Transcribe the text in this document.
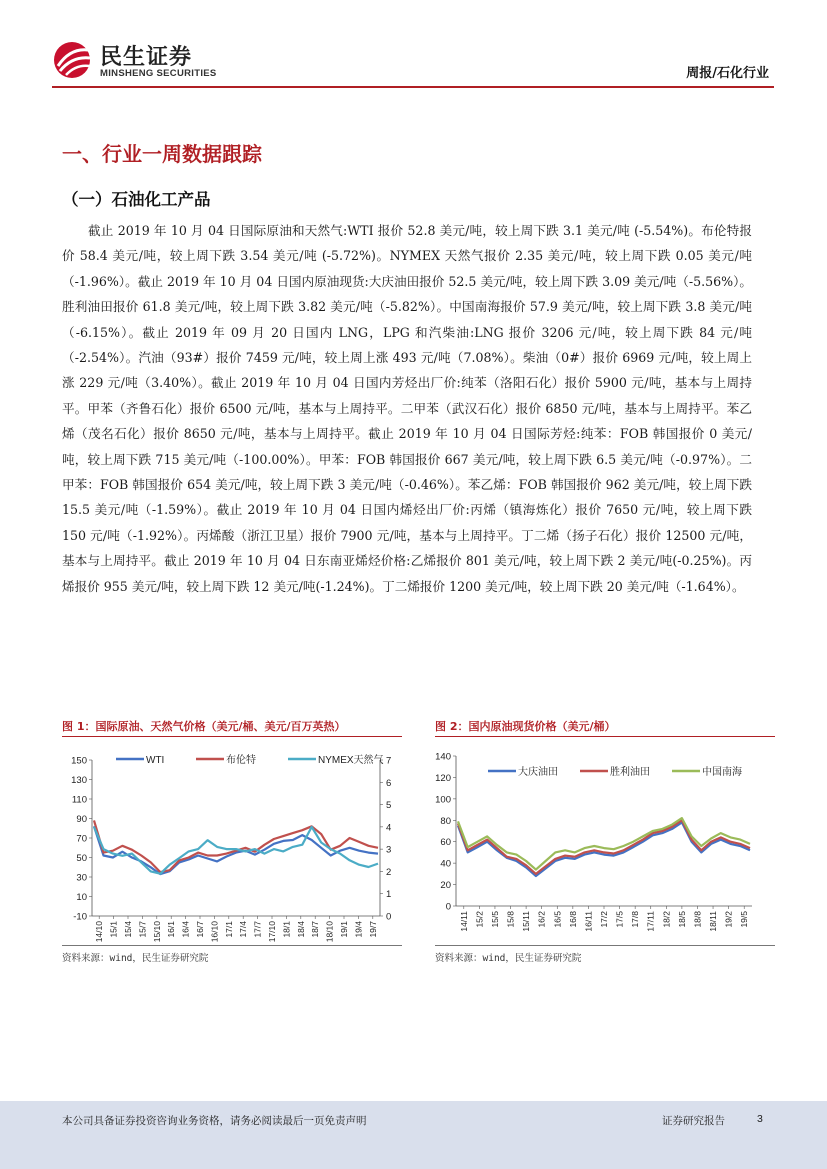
民生证券
MINSHENG SECURITIES	周报/石化行业
一、行业一周数据跟踪
（一）石油化工产品
截止 2019 年 10 月 04 日国际原油和天然气:WTI 报价 52.8 美元/吨，较上周下跌 3.1 美元/吨 (-5.54%)。布伦特报价 58.4 美元/吨，较上周下跌 3.54 美元/吨 (-5.72%)。NYMEX 天然气报价 2.35 美元/吨，较上周下跌 0.05 美元/吨（-1.96%）。截止 2019 年 10 月 04 日国内原油现货:大庆油田报价 52.5 美元/吨，较上周下跌 3.09 美元/吨（-5.56%）。胜利油田报价 61.8 美元/吨，较上周下跌 3.82 美元/吨（-5.82%）。中国南海报价 57.9 美元/吨，较上周下跌 3.8 美元/吨（-6.15%）。截止 2019 年 09 月 20 日国内 LNG，LPG 和汽柴油:LNG 报价 3206 元/吨，较上周下跌 84 元/吨（-2.54%）。汽油（93#）报价 7459 元/吨，较上周上涨 493 元/吨（7.08%）。柴油（0#）报价 6969 元/吨，较上周上涨 229 元/吨（3.40%）。截止 2019 年 10 月 04 日国内芳烃出厂价:纯苯（洛阳石化）报价 5900 元/吨，基本与上周持平。甲苯（齐鲁石化）报价 6500 元/吨，基本与上周持平。二甲苯（武汉石化）报价 6850 元/吨，基本与上周持平。苯乙烯（茂名石化）报价 8650 元/吨，基本与上周持平。截止 2019 年 10 月 04 日国际芳烃:纯苯：FOB 韩国报价 0 美元/吨，较上周下跌 715 美元/吨（-100.00%）。甲苯：FOB 韩国报价 667 美元/吨，较上周下跌 6.5 美元/吨（-0.97%）。二甲苯：FOB 韩国报价 654 美元/吨，较上周下跌 3 美元/吨（-0.46%）。苯乙烯：FOB 韩国报价 962 美元/吨，较上周下跌 15.5 美元/吨（-1.59%）。截止 2019 年 10 月 04 日国内烯烃出厂价:丙烯（镇海炼化）报价 7650 元/吨，较上周下跌 150 元/吨（-1.92%）。丙烯酸（浙江卫星）报价 7900 元/吨，基本与上周持平。丁二烯（扬子石化）报价 12500 元/吨，基本与上周持平。截止 2019 年 10 月 04 日东南亚烯烃价格:乙烯报价 801 美元/吨，较上周下跌 2 美元/吨(-0.25%)。丙烯报价 955 美元/吨，较上周下跌 12 美元/吨(-1.24%)。丁二烯报价 1200 美元/吨，较上周下跌 20 美元/吨（-1.64%）。
图 1：国际原油、天然气价格（美元/桶、美元/百万英热）
150
130
110
90
70
50
30
10
-10
7
6
5
4
3
2
1
0
14/10 15/1 15/4 15/7 15/10 16/1 16/4 16/7 16/10 17/1 17/4 17/7 17/10 18/1 18/4 18/7 18/10 19/1 19/4 19/7
WTI	布伦特	NYMEX天然气
资料来源：wind，民生证券研究院
图 2：国内原油现货价格（美元/桶）
140
120
100
80
60
40
20
0
14/11 15/2 15/5 15/8 15/11 16/2 16/5 16/8 16/11 17/2 17/5 17/8 17/11 18/2 18/5 18/8 18/11 19/2 19/5
大庆油田	胜利油田	中国南海
资料来源：wind，民生证券研究院
本公司具备证券投资咨询业务资格，请务必阅读最后一页免责声明	证券研究报告	3
